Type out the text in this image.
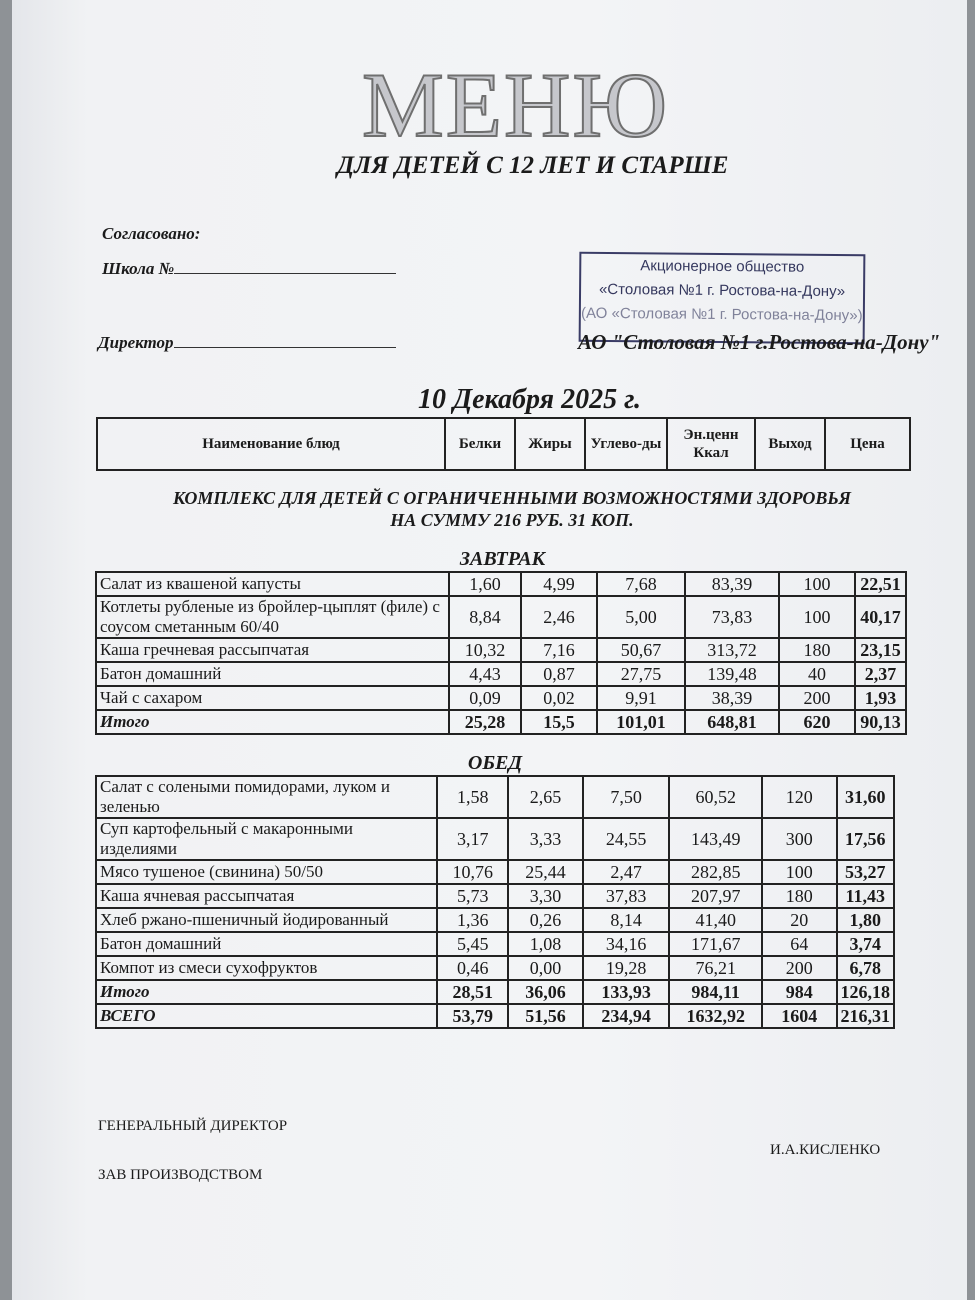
МЕНЮ
ДЛЯ ДЕТЕЙ С 12 ЛЕТ И СТАРШЕ
Согласовано:
Школа №
Директор
Акционерное общество
«Столовая №1 г. Ростова-на-Дону»
(АО «Столовая №1 г. Ростова-на-Дону»)
АО "Столовая №1 г.Ростова-на-Дону"
10 Декабря 2025 г.
Наименование блюд	Белки	Жиры	Углево-ды	Эн.ценн Ккал	Выход	Цена
КОМПЛЕКС ДЛЯ ДЕТЕЙ С ОГРАНИЧЕННЫМИ ВОЗМОЖНОСТЯМИ ЗДОРОВЬЯ
НА СУММУ 216 РУБ. 31 КОП.
ЗАВТРАК
Салат из квашеной капусты	1,60	4,99	7,68	83,39	100	22,51
Котлеты рубленые из бройлер-цыплят (филе) с соусом сметанным 60/40	8,84	2,46	5,00	73,83	100	40,17
Каша гречневая рассыпчатая	10,32	7,16	50,67	313,72	180	23,15
Батон домашний	4,43	0,87	27,75	139,48	40	2,37
Чай с сахаром	0,09	0,02	9,91	38,39	200	1,93
Итого	25,28	15,5	101,01	648,81	620	90,13
ОБЕД
Салат с солеными помидорами, луком и зеленью	1,58	2,65	7,50	60,52	120	31,60
Суп картофельный с макаронными изделиями	3,17	3,33	24,55	143,49	300	17,56
Мясо тушеное (свинина) 50/50	10,76	25,44	2,47	282,85	100	53,27
Каша ячневая рассыпчатая	5,73	3,30	37,83	207,97	180	11,43
Хлеб ржано-пшеничный йодированный	1,36	0,26	8,14	41,40	20	1,80
Батон домашний	5,45	1,08	34,16	171,67	64	3,74
Компот из смеси сухофруктов	0,46	0,00	19,28	76,21	200	6,78
Итого	28,51	36,06	133,93	984,11	984	126,18
ВСЕГО	53,79	51,56	234,94	1632,92	1604	216,31
ГЕНЕРАЛЬНЫЙ ДИРЕКТОР
И.А.КИСЛЕНКО
ЗАВ ПРОИЗВОДСТВОМ
